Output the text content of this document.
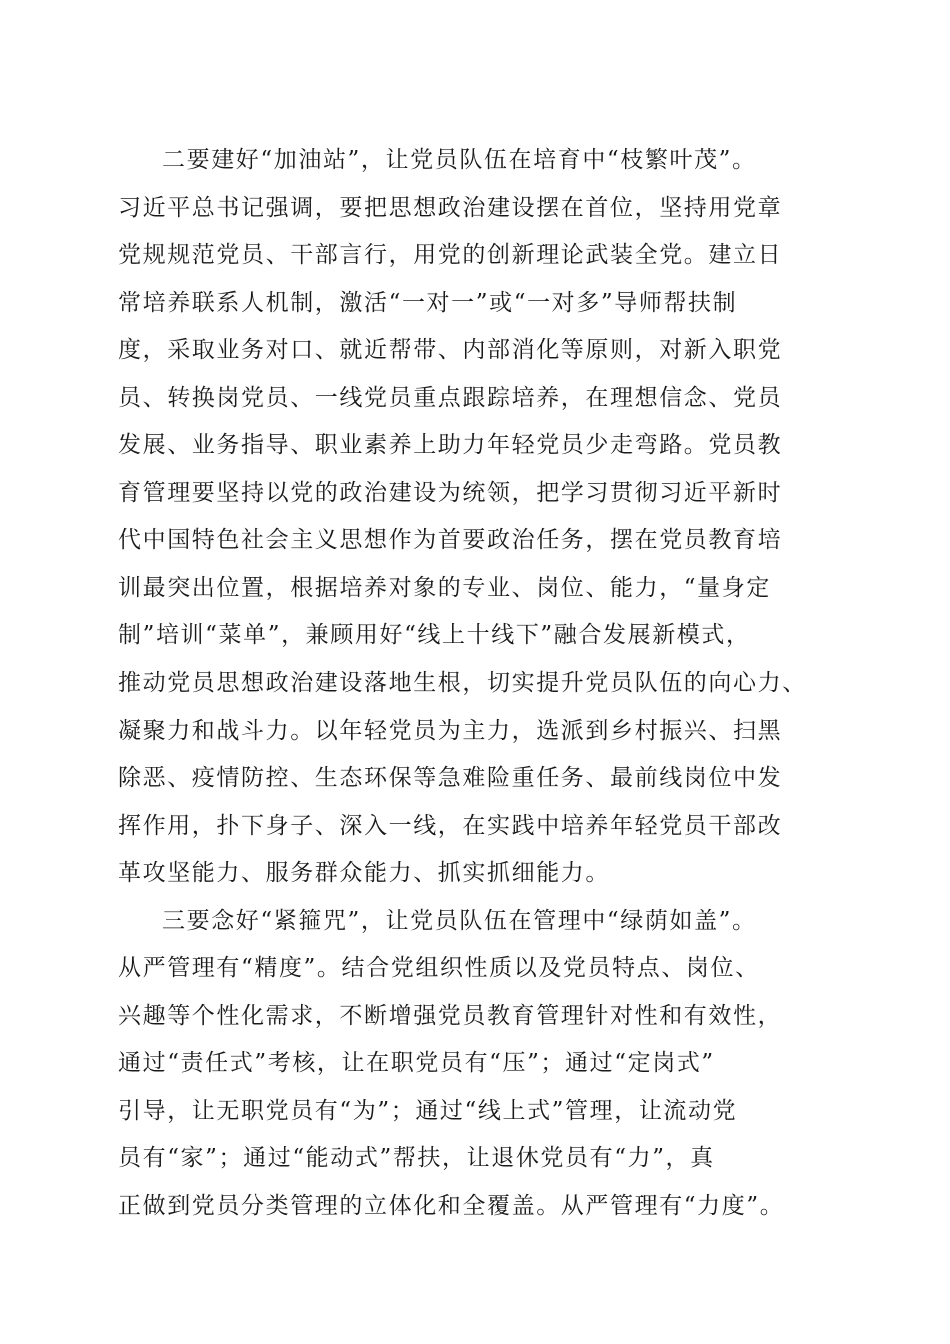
二要建好“加油站”，让党员队伍在培育中“枝繁叶茂”。
习近平总书记强调，要把思想政治建设摆在首位，坚持用党章
党规规范党员、干部言行，用党的创新理论武装全党。建立日
常培养联系人机制，激活“一对一”或“一对多”导师帮扶制
度，采取业务对口、就近帮带、内部消化等原则，对新入职党
员、转换岗党员、一线党员重点跟踪培养，在理想信念、党员
发展、业务指导、职业素养上助力年轻党员少走弯路。党员教
育管理要坚持以党的政治建设为统领，把学习贯彻习近平新时
代中国特色社会主义思想作为首要政治任务，摆在党员教育培
训最突出位置，根据培养对象的专业、岗位、能力，“量身定
制”培训“菜单”，兼顾用好“线上十线下”融合发展新模式，
推动党员思想政治建设落地生根，切实提升党员队伍的向心力、
凝聚力和战斗力。以年轻党员为主力，选派到乡村振兴、扫黑
除恶、疫情防控、生态环保等急难险重任务、最前线岗位中发
挥作用，扑下身子、深入一线，在实践中培养年轻党员干部改
革攻坚能力、服务群众能力、抓实抓细能力。
三要念好“紧箍咒”，让党员队伍在管理中“绿荫如盖”。
从严管理有“精度”。结合党组织性质以及党员特点、岗位、
兴趣等个性化需求，不断增强党员教育管理针对性和有效性，
通过“责任式”考核，让在职党员有“压”；通过“定岗式”
引导，让无职党员有“为”；通过“线上式”管理，让流动党
员有“家”；通过“能动式”帮扶，让退休党员有“力”，真
正做到党员分类管理的立体化和全覆盖。从严管理有“力度”。
